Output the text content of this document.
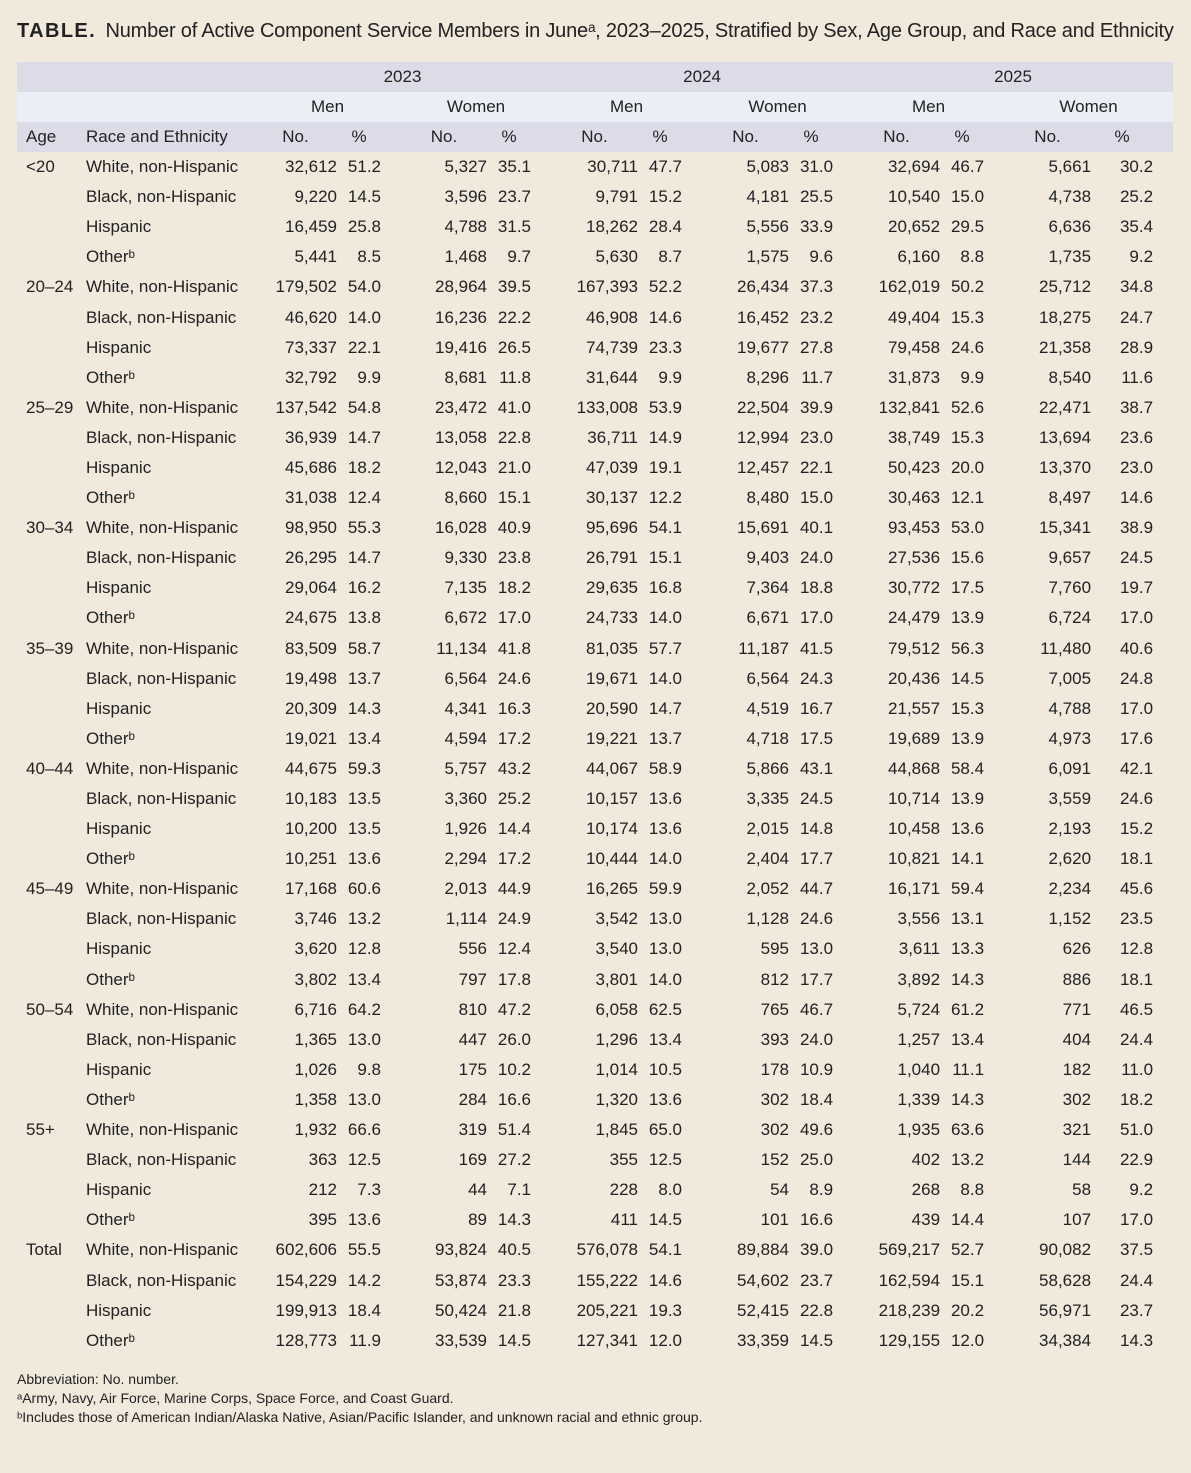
TABLE. Number of Active Component Service Members in Juneᵃ, 2023–2025, Stratified by Sex, Age Group, and Race and Ethnicity
		2023				2024				2025			
		Men		Women		Men		Women		Men		Women	
Age	Race and Ethnicity	No.	%	No.	%	No.	%	No.	%	No.	%	No.	%
<20	White, non-Hispanic	32,612	51.2	5,327	35.1	30,711	47.7	5,083	31.0	32,694	46.7	5,661	30.2
	Black, non-Hispanic	9,220	14.5	3,596	23.7	9,791	15.2	4,181	25.5	10,540	15.0	4,738	25.2
	Hispanic	16,459	25.8	4,788	31.5	18,262	28.4	5,556	33.9	20,652	29.5	6,636	35.4
	Otherᵇ	5,441	8.5	1,468	9.7	5,630	8.7	1,575	9.6	6,160	8.8	1,735	9.2
20–24	White, non-Hispanic	179,502	54.0	28,964	39.5	167,393	52.2	26,434	37.3	162,019	50.2	25,712	34.8
	Black, non-Hispanic	46,620	14.0	16,236	22.2	46,908	14.6	16,452	23.2	49,404	15.3	18,275	24.7
	Hispanic	73,337	22.1	19,416	26.5	74,739	23.3	19,677	27.8	79,458	24.6	21,358	28.9
	Otherᵇ	32,792	9.9	8,681	11.8	31,644	9.9	8,296	11.7	31,873	9.9	8,540	11.6
25–29	White, non-Hispanic	137,542	54.8	23,472	41.0	133,008	53.9	22,504	39.9	132,841	52.6	22,471	38.7
	Black, non-Hispanic	36,939	14.7	13,058	22.8	36,711	14.9	12,994	23.0	38,749	15.3	13,694	23.6
	Hispanic	45,686	18.2	12,043	21.0	47,039	19.1	12,457	22.1	50,423	20.0	13,370	23.0
	Otherᵇ	31,038	12.4	8,660	15.1	30,137	12.2	8,480	15.0	30,463	12.1	8,497	14.6
30–34	White, non-Hispanic	98,950	55.3	16,028	40.9	95,696	54.1	15,691	40.1	93,453	53.0	15,341	38.9
	Black, non-Hispanic	26,295	14.7	9,330	23.8	26,791	15.1	9,403	24.0	27,536	15.6	9,657	24.5
	Hispanic	29,064	16.2	7,135	18.2	29,635	16.8	7,364	18.8	30,772	17.5	7,760	19.7
	Otherᵇ	24,675	13.8	6,672	17.0	24,733	14.0	6,671	17.0	24,479	13.9	6,724	17.0
35–39	White, non-Hispanic	83,509	58.7	11,134	41.8	81,035	57.7	11,187	41.5	79,512	56.3	11,480	40.6
	Black, non-Hispanic	19,498	13.7	6,564	24.6	19,671	14.0	6,564	24.3	20,436	14.5	7,005	24.8
	Hispanic	20,309	14.3	4,341	16.3	20,590	14.7	4,519	16.7	21,557	15.3	4,788	17.0
	Otherᵇ	19,021	13.4	4,594	17.2	19,221	13.7	4,718	17.5	19,689	13.9	4,973	17.6
40–44	White, non-Hispanic	44,675	59.3	5,757	43.2	44,067	58.9	5,866	43.1	44,868	58.4	6,091	42.1
	Black, non-Hispanic	10,183	13.5	3,360	25.2	10,157	13.6	3,335	24.5	10,714	13.9	3,559	24.6
	Hispanic	10,200	13.5	1,926	14.4	10,174	13.6	2,015	14.8	10,458	13.6	2,193	15.2
	Otherᵇ	10,251	13.6	2,294	17.2	10,444	14.0	2,404	17.7	10,821	14.1	2,620	18.1
45–49	White, non-Hispanic	17,168	60.6	2,013	44.9	16,265	59.9	2,052	44.7	16,171	59.4	2,234	45.6
	Black, non-Hispanic	3,746	13.2	1,114	24.9	3,542	13.0	1,128	24.6	3,556	13.1	1,152	23.5
	Hispanic	3,620	12.8	556	12.4	3,540	13.0	595	13.0	3,611	13.3	626	12.8
	Otherᵇ	3,802	13.4	797	17.8	3,801	14.0	812	17.7	3,892	14.3	886	18.1
50–54	White, non-Hispanic	6,716	64.2	810	47.2	6,058	62.5	765	46.7	5,724	61.2	771	46.5
	Black, non-Hispanic	1,365	13.0	447	26.0	1,296	13.4	393	24.0	1,257	13.4	404	24.4
	Hispanic	1,026	9.8	175	10.2	1,014	10.5	178	10.9	1,040	11.1	182	11.0
	Otherᵇ	1,358	13.0	284	16.6	1,320	13.6	302	18.4	1,339	14.3	302	18.2
55+	White, non-Hispanic	1,932	66.6	319	51.4	1,845	65.0	302	49.6	1,935	63.6	321	51.0
	Black, non-Hispanic	363	12.5	169	27.2	355	12.5	152	25.0	402	13.2	144	22.9
	Hispanic	212	7.3	44	7.1	228	8.0	54	8.9	268	8.8	58	9.2
	Otherᵇ	395	13.6	89	14.3	411	14.5	101	16.6	439	14.4	107	17.0
Total	White, non-Hispanic	602,606	55.5	93,824	40.5	576,078	54.1	89,884	39.0	569,217	52.7	90,082	37.5
	Black, non-Hispanic	154,229	14.2	53,874	23.3	155,222	14.6	54,602	23.7	162,594	15.1	58,628	24.4
	Hispanic	199,913	18.4	50,424	21.8	205,221	19.3	52,415	22.8	218,239	20.2	56,971	23.7
	Otherᵇ	128,773	11.9	33,539	14.5	127,341	12.0	33,359	14.5	129,155	12.0	34,384	14.3
Abbreviation: No. number.
ᵃArmy, Navy, Air Force, Marine Corps, Space Force, and Coast Guard.
ᵇIncludes those of American Indian/Alaska Native, Asian/Pacific Islander, and unknown racial and ethnic group.
